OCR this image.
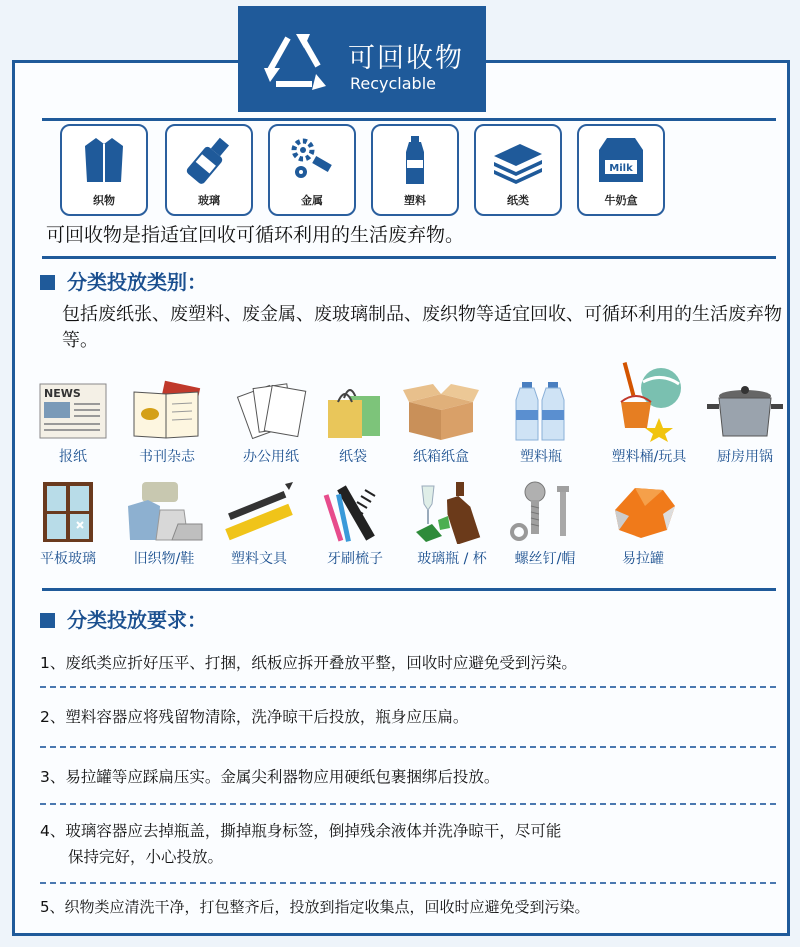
可回收物
Recyclable
织物	玻璃	金属	塑料	纸类
Milk
牛奶盒
可回收物是指适宜回收可循环利用的生活废弃物。
分类投放类别：
包括废纸张、废塑料、废金属、废玻璃制品、废织物等适宜回收、可循环利用的生活废弃物等。
NEWS
报纸	书刊杂志	办公用纸	纸袋	纸箱纸盒	塑料瓶	塑料桶/玩具	厨房用锅
平板玻璃	旧织物/鞋	塑料文具	牙刷梳子	玻璃瓶 / 杯	螺丝钉/帽	易拉罐
分类投放要求：
1、废纸类应折好压平、打捆，纸板应拆开叠放平整，回收时应避免受到污染。
2、塑料容器应将残留物清除，洗净晾干后投放，瓶身应压扁。
3、易拉罐等应踩扁压实。金属尖利器物应用硬纸包裹捆绑后投放。
4、玻璃容器应去掉瓶盖，撕掉瓶身标签，倒掉残余液体并洗净晾干，尽可能
保持完好，小心投放。
5、织物类应清洗干净，打包整齐后，投放到指定收集点，回收时应避免受到污染。
